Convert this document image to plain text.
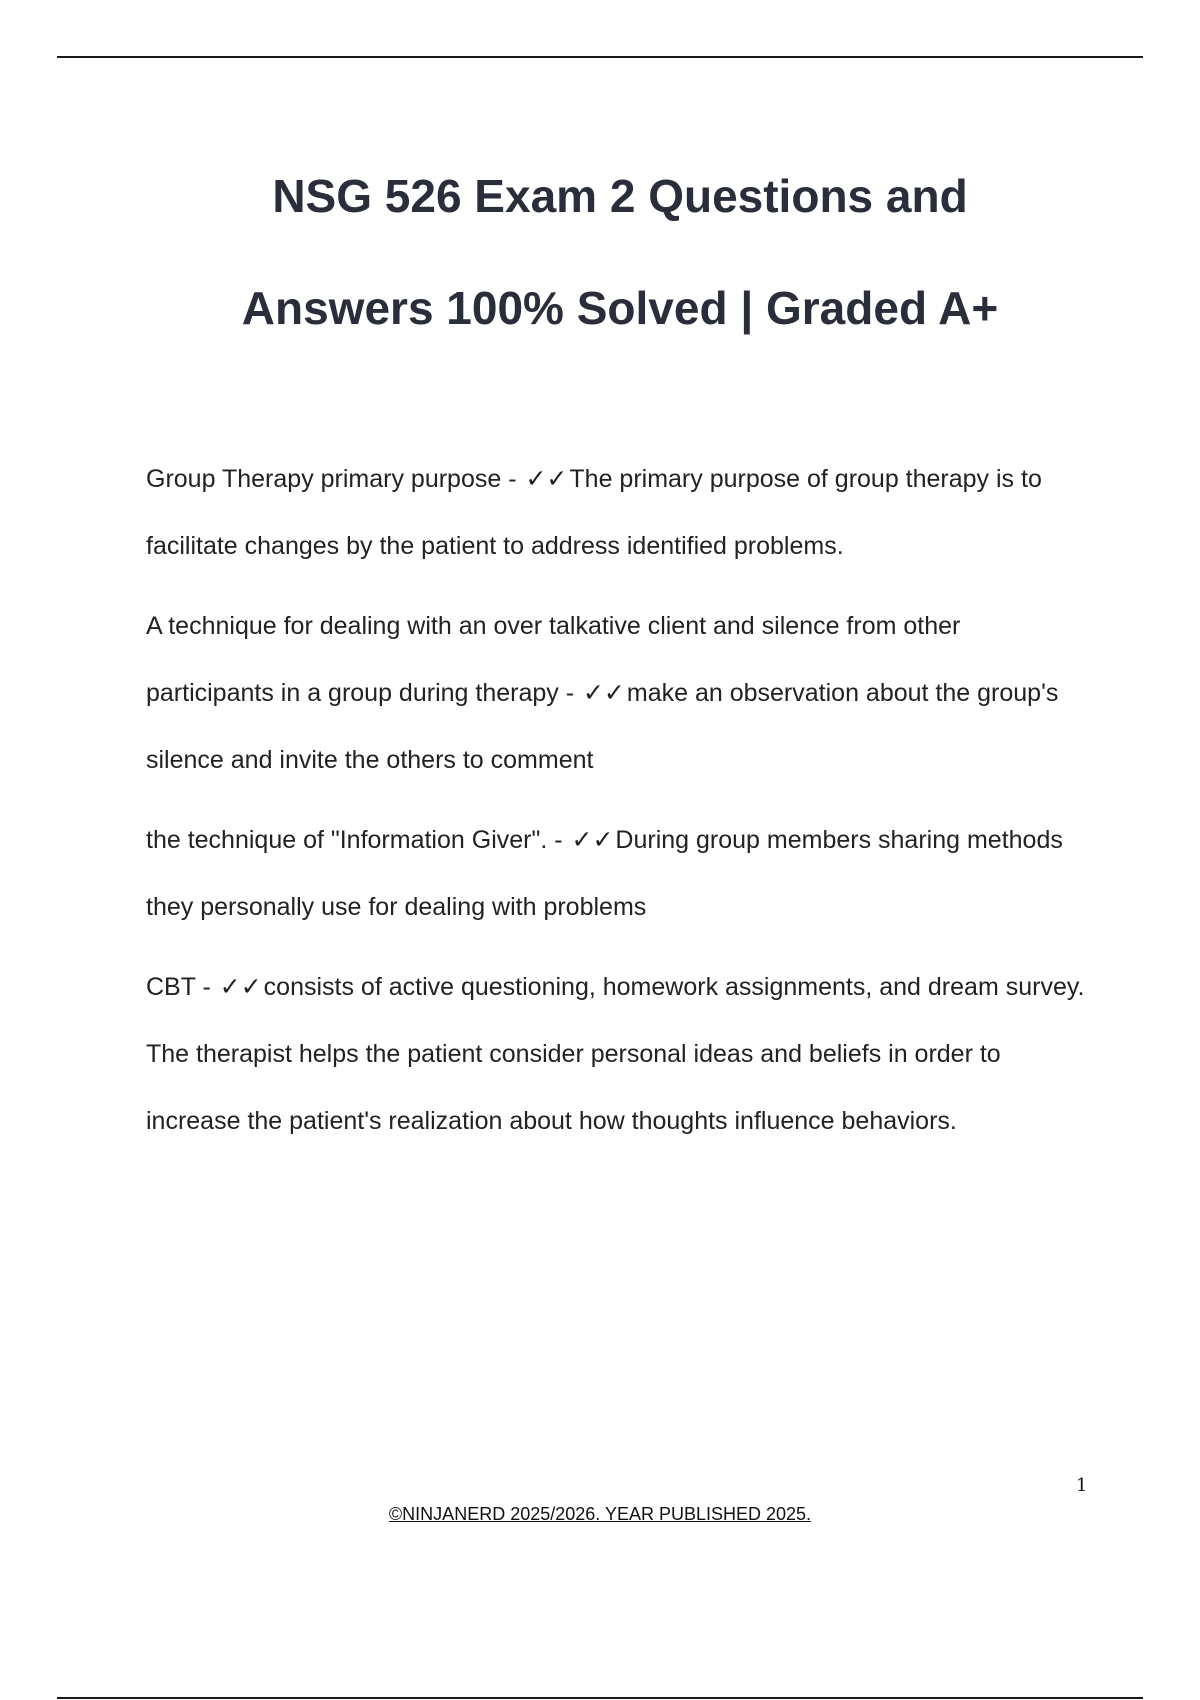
NSG 526 Exam 2 Questions and
Answers 100% Solved | Graded A+

Group Therapy primary purpose - ✓✓The primary purpose of group therapy is to facilitate changes by the patient to address identified problems.

A technique for dealing with an over talkative client and silence from other participants in a group during therapy - ✓✓make an observation about the group's silence and invite the others to comment

the technique of "Information Giver". - ✓✓During group members sharing methods they personally use for dealing with problems

CBT - ✓✓consists of active questioning, homework assignments, and dream survey. The therapist helps the patient consider personal ideas and beliefs in order to increase the patient's realization about how thoughts influence behaviors.

1
©NINJANERD 2025/2026. YEAR PUBLISHED 2025.
